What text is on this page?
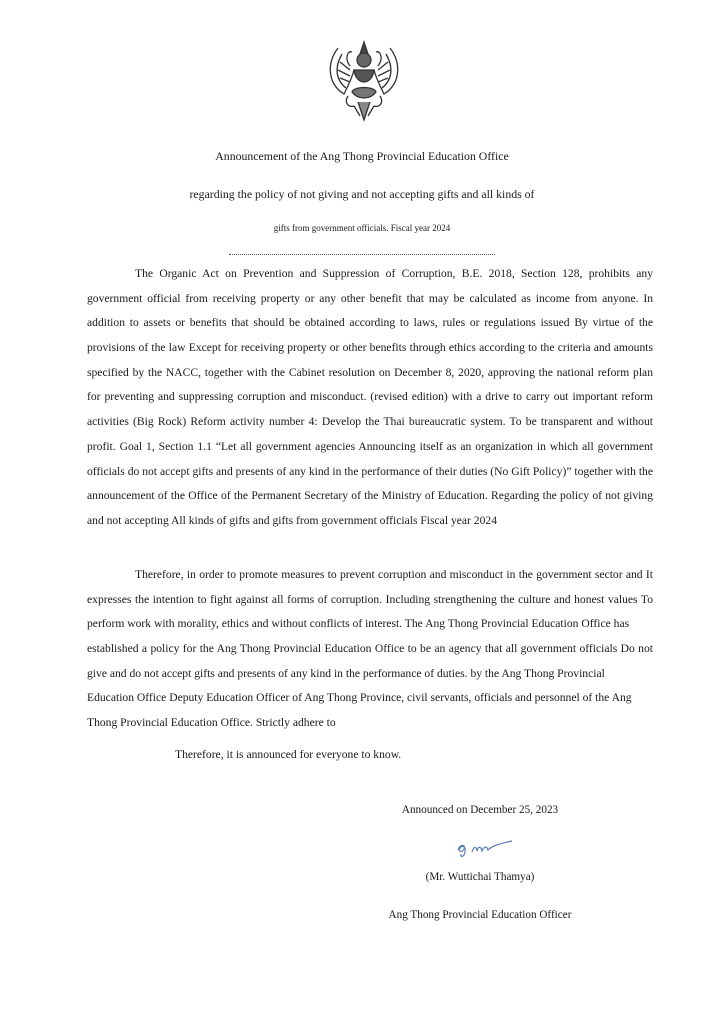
Announcement of the Ang Thong Provincial Education Office
regarding the policy of not giving and not accepting gifts and all kinds of
gifts from government officials. Fiscal year 2024
The Organic Act on Prevention and Suppression of Corruption, B.E. 2018, Section 128, prohibits any
government official from receiving property or any other benefit that may be calculated as income from anyone. In
addition to assets or benefits that should be obtained according to laws, rules or regulations issued By virtue of the
provisions of the law Except for receiving property or other benefits through ethics according to the criteria and amounts
specified by the NACC, together with the Cabinet resolution on December 8, 2020, approving the national reform plan
for preventing and suppressing corruption and misconduct. (revised edition) with a drive to carry out important reform
activities (Big Rock) Reform activity number 4: Develop the Thai bureaucratic system. To be transparent and without
profit. Goal 1, Section 1.1 “Let all government agencies Announcing itself as an organization in which all government
officials do not accept gifts and presents of any kind in the performance of their duties (No Gift Policy)” together with the
announcement of the Office of the Permanent Secretary of the Ministry of Education. Regarding the policy of not giving
and not accepting All kinds of gifts and gifts from government officials Fiscal year 2024
Therefore, in order to promote measures to prevent corruption and misconduct in the government sector and It
expresses the intention to fight against all forms of corruption. Including strengthening the culture and honest values To
perform work with morality, ethics and without conflicts of interest. The Ang Thong Provincial Education Office has
established a policy for the Ang Thong Provincial Education Office to be an agency that all government officials Do not
give and do not accept gifts and presents of any kind in the performance of duties. by the Ang Thong Provincial
Education Office Deputy Education Officer of Ang Thong Province, civil servants, officials and personnel of the Ang
Thong Provincial Education Office. Strictly adhere to
Therefore, it is announced for everyone to know.
Announced on December 25, 2023
(Mr. Wuttichai Thamya)
Ang Thong Provincial Education Officer
